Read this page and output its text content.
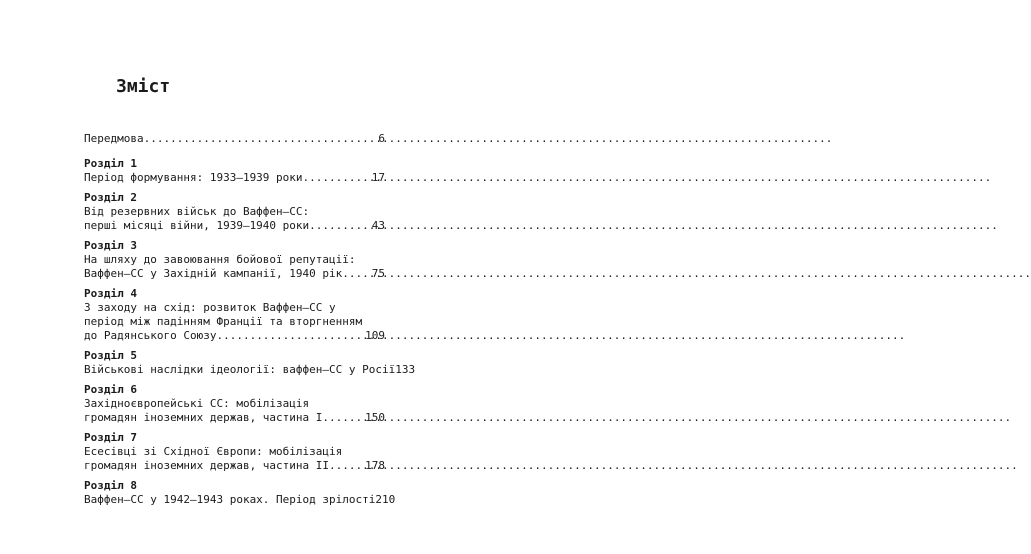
Зміст
Передмова .....	6
Розділ 1
Період формування: 1933–1939 роки .....	17
Розділ 2
Від резервних військ до Ваффен–СС:
перші місяці війни, 1939–1940 роки .....	43
Розділ 3
На шляху до завоювання бойової репутації:
Ваффен–СС у Західній кампанії, 1940 рік .....	75
Розділ 4
З заходу на схід: розвиток Ваффен–СС у
період між падінням Франції та вторгненням
до Радянського Союзу .....	109
Розділ 5
Військові наслідки ідеології: ваффен–СС у Росії 133
Розділ 6
Західноєвропейські СС: мобілізація
громадян іноземних держав, частина I .....	150
Розділ 7
Есесівці зі Східної Європи: мобілізація
громадян іноземних держав, частина II .....	178
Розділ 8
Ваффен–СС у 1942–1943 роках. Період зрілості 210
